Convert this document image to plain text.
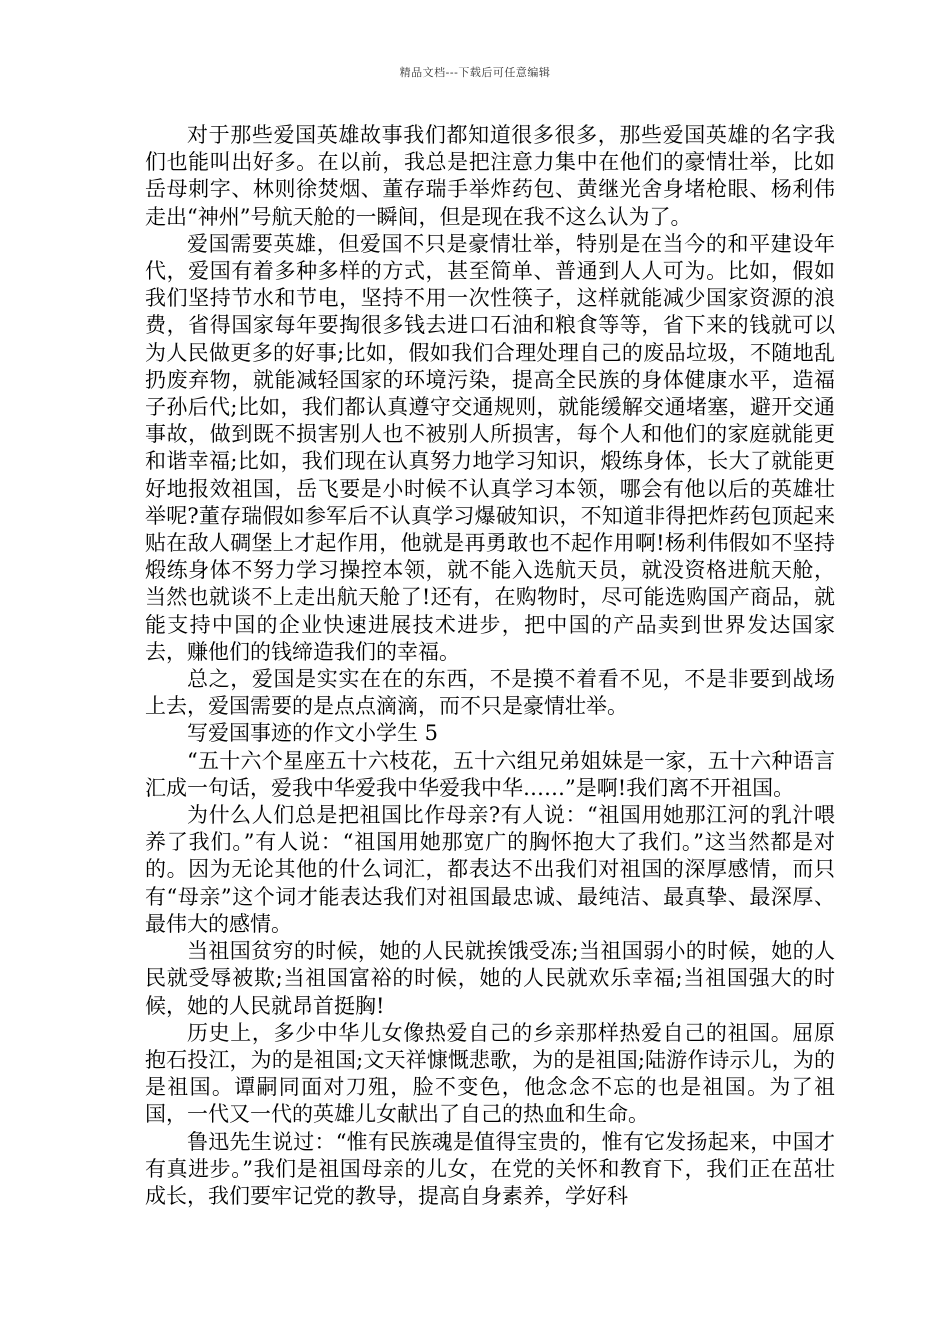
精品文档---下载后可任意编辑

对于那些爱国英雄故事我们都知道很多很多，那些爱国英雄的名字我们也能叫出好多。在以前，我总是把注意力集中在他们的豪情壮举，比如岳母刺字、林则徐焚烟、董存瑞手举炸药包、黄继光舍身堵枪眼、杨利伟走出“神州”号航天舱的一瞬间，但是现在我不这么认为了。

爱国需要英雄，但爱国不只是豪情壮举，特别是在当今的和平建设年代，爱国有着多种多样的方式，甚至简单、普通到人人可为。比如，假如我们坚持节水和节电，坚持不用一次性筷子，这样就能减少国家资源的浪费，省得国家每年要掏很多钱去进口石油和粮食等等，省下来的钱就可以为人民做更多的好事;比如，假如我们合理处理自己的废品垃圾，不随地乱扔废弃物，就能减轻国家的环境污染，提高全民族的身体健康水平，造福子孙后代;比如，我们都认真遵守交通规则，就能缓解交通堵塞，避开交通事故，做到既不损害别人也不被别人所损害，每个人和他们的家庭就能更和谐幸福;比如，我们现在认真努力地学习知识，煅练身体，长大了就能更好地报效祖国，岳飞要是小时候不认真学习本领，哪会有他以后的英雄壮举呢?董存瑞假如参军后不认真学习爆破知识，不知道非得把炸药包顶起来贴在敌人碉堡上才起作用，他就是再勇敢也不起作用啊!杨利伟假如不坚持煅练身体不努力学习操控本领，就不能入选航天员，就没资格进航天舱，当然也就谈不上走出航天舱了!还有，在购物时，尽可能选购国产商品，就能支持中国的企业快速进展技术进步，把中国的产品卖到世界发达国家去，赚他们的钱缔造我们的幸福。

总之，爱国是实实在在的东西，不是摸不着看不见，不是非要到战场上去，爱国需要的是点点滴滴，而不只是豪情壮举。

写爱国事迹的作文小学生 5

“五十六个星座五十六枝花，五十六组兄弟姐妹是一家，五十六种语言汇成一句话，爱我中华爱我中华爱我中华……”是啊!我们离不开祖国。

为什么人们总是把祖国比作母亲?有人说：“祖国用她那江河的乳汁喂养了我们。”有人说：“祖国用她那宽广的胸怀抱大了我们。”这当然都是对的。因为无论其他的什么词汇，都表达不出我们对祖国的深厚感情，而只有“母亲”这个词才能表达我们对祖国最忠诚、最纯洁、最真挚、最深厚、最伟大的感情。

当祖国贫穷的时候，她的人民就挨饿受冻;当祖国弱小的时候，她的人民就受辱被欺;当祖国富裕的时候，她的人民就欢乐幸福;当祖国强大的时候，她的人民就昂首挺胸!

历史上，多少中华儿女像热爱自己的乡亲那样热爱自己的祖国。屈原抱石投江，为的是祖国;文天祥慷慨悲歌，为的是祖国;陆游作诗示儿，为的是祖国。谭嗣同面对刀殂，脸不变色，他念念不忘的也是祖国。为了祖国，一代又一代的英雄儿女献出了自己的热血和生命。

鲁迅先生说过：“惟有民族魂是值得宝贵的，惟有它发扬起来，中国才有真进步。”我们是祖国母亲的儿女，在党的关怀和教育下，我们正在茁壮成长，我们要牢记党的教导，提高自身素养，学好科
